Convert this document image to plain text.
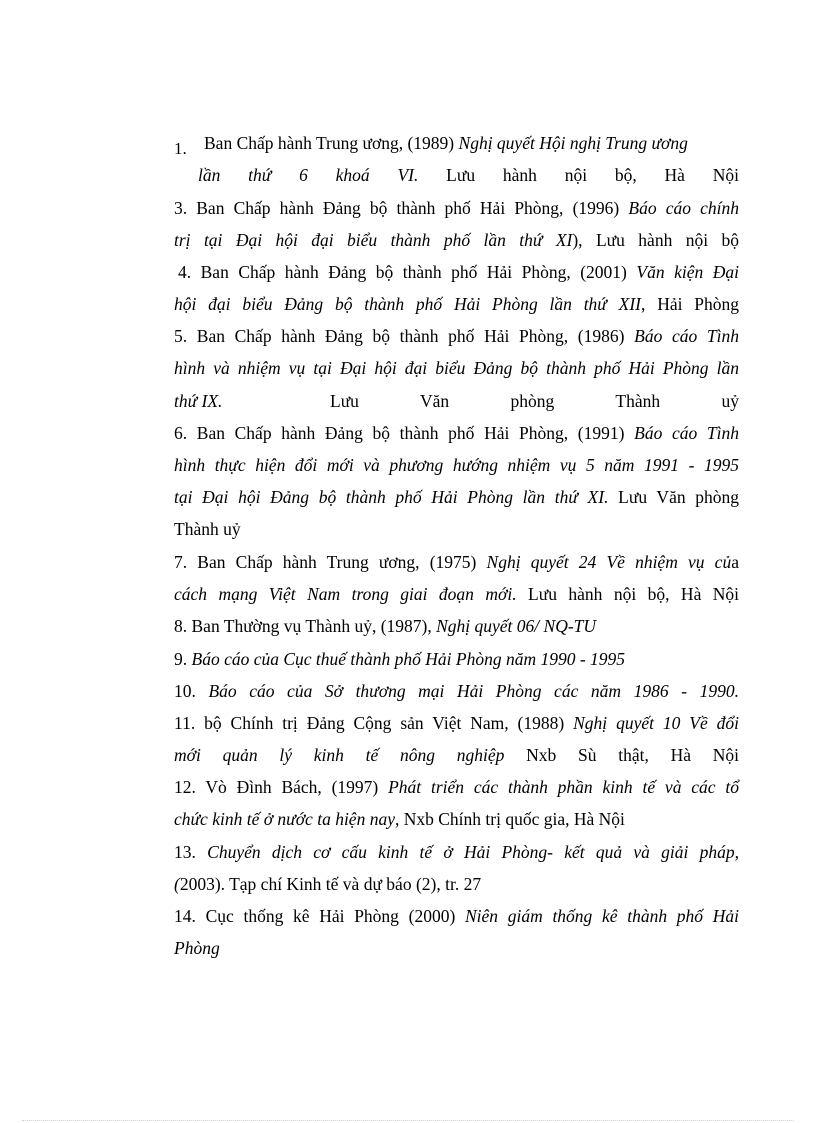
1. Ban Chấp hành Trung ương, (1989) Nghị quyết Hội nghị Trung ương
lần thứ 6 khoá VI. Lưu hành nội bộ, Hà Nội
3. Ban Chấp hành Đảng bộ thành phố Hải Phòng, (1996) Báo cáo chính
trị tại Đại hội đại biểu thành phố lần thứ XI), Lưu hành nội bộ
4. Ban Chấp hành Đảng bộ thành phố Hải Phòng, (2001) Văn kiện Đại
hội đại biểu Đảng bộ thành phố Hải Phòng lần thứ XII, Hải Phòng
5. Ban Chấp hành Đảng bộ thành phố Hải Phòng, (1986) Báo cáo Tình
hình và nhiệm vụ tại Đại hội đại biểu Đảng bộ thành phố Hải Phòng lần
thứ IX.	Lưu Văn phòng Thành uỷ
6. Ban Chấp hành Đảng bộ thành phố Hải Phòng, (1991) Báo cáo Tình
hình thực hiện đổi mới và phương hướng nhiệm vụ 5 năm 1991 - 1995
tại Đại hội Đảng bộ thành phố Hải Phòng lần thứ XI. Lưu Văn phòng
Thành uỷ
7. Ban Chấp hành Trung ương, (1975) Nghị quyết 24 Về nhiệm vụ của
cách mạng Việt Nam trong giai đoạn mới. Lưu hành nội bộ, Hà Nội
8. Ban Thường vụ Thành uỷ, (1987), Nghị quyết 06/ NQ-TU
9. Báo cáo của Cục thuế thành phố Hải Phòng năm 1990 - 1995
10. Báo cáo của Sở thương mại Hải Phòng các năm 1986 - 1990.
11. bộ Chính trị Đảng Cộng sản Việt Nam, (1988) Nghị quyết 10 Về đổi
mới quản lý kinh tế nông nghiệp Nxb Sù thật, Hà Nội
12. Vò Đình Bách, (1997) Phát triển các thành phần kinh tế và các tổ
chức kinh tế ở nước ta hiện nay, Nxb Chính trị quốc gia, Hà Nội
13. Chuyển dịch cơ cấu kinh tế ở Hải Phòng- kết quả và giải pháp,
(2003). Tạp chí Kinh tế và dự báo (2), tr. 27
14. Cục thống kê Hải Phòng (2000) Niên giám thống kê thành phố Hải
Phòng
